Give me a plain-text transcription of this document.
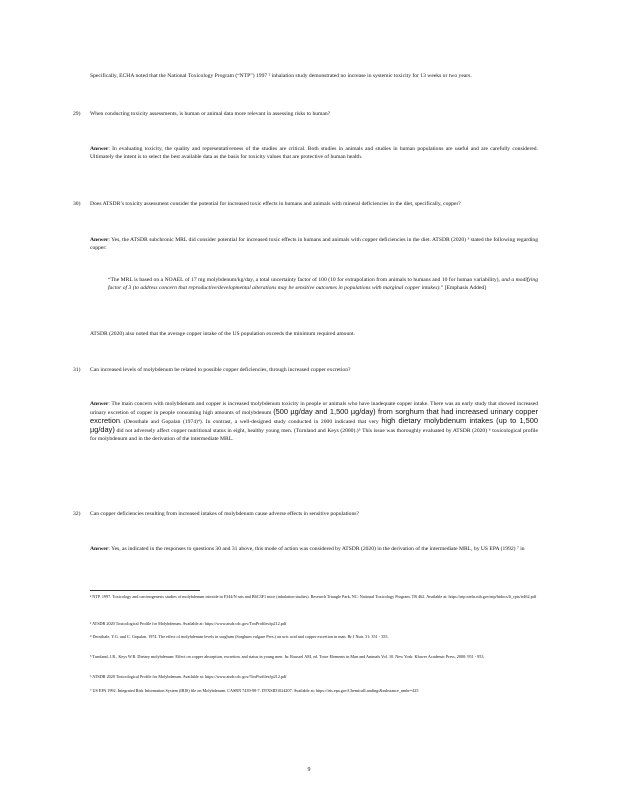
Specifically, ECHA noted that the National Toxicology Program (“NTP”) 1997 ² inhalation study demonstrated no increase in systemic toxicity for 13 weeks or two years.
29) When conducting toxicity assessments, is human or animal data more relevant in assessing risks to human?
Answer: In evaluating toxicity, the quality and representativeness of the studies are critical. Both studies in animals and studies in human populations are useful and are carefully considered. Ultimately the intent is to select the best available data as the basis for toxicity values that are protective of human health.
30) Does ATSDR’s toxicity assessment consider the potential for increased toxic effects in humans and animals with mineral deficiencies in the diet, specifically, copper?
Answer: Yes, the ATSDR subchronic MRL did consider potential for increased toxic effects in humans and animals with copper deficiencies in the diet. ATSDR (2020) ³ stated the following regarding copper:
“The MRL is based on a NOAEL of 17 mg molybdenum/kg/day, a total uncertainty factor of 100 (10 for extrapolation from animals to humans and 10 for human variability), and a modifying factor of 3 (to address concern that reproductive/developmental alterations may be sensitive outcomes in populations with marginal copper intakes).” [Emphasis Added]
ATSDR (2020) also noted that the average copper intake of the US population exceeds the minimum required amount.
31) Can increased levels of molybdenum be related to possible copper deficiencies, through increased copper excretion?
Answer: The main concern with molybdenum and copper is increased molybdenum toxicity in people or animals who have inadequate copper intake. There was an early study that showed increased urinary excretion of copper in people consuming high amounts of molybdenum (500 µg/day and 1,500 µg/day) from sorghum that had increased urinary copper excretion. (Deosthale and Gopalan (1974)⁴). In contrast, a well-designed study conducted in 2000 indicated that very high dietary molybdenum intakes (up to 1,500 µg/day) did not adversely affect copper nutritional status in eight, healthy young men. (Turnland and Keys (2000).)⁵ This issue was thoroughly evaluated by ATSDR (2020) ⁶ toxicological profile for molybdenum and in the derivation of the intermediate MRL.
32) Can copper deficiencies resulting from increased intakes of molybdenum cause adverse effects in sensitive populations?
Answer: Yes, as indicated in the responses to questions 30 and 31 above, this mode of action was considered by ATSDR (2020) in the derivation of the intermediate MRL, by US EPA (1992) ⁷ in
² NTP. 1997. Toxicology and carcinogenesis studies of molybdenum trioxide in F344/N rats and B6C3F1 mice (inhalation studies). Research Triangle Park, NC: National Toxicology Program. TR 462. Available at: https://ntp.niehs.nih.gov/ntp/htdocs/lt_rpts/tr462.pdf
³ ATSDR 2020 Toxicological Profile for Molybdenum. Available at: https://www.atsdr.cdc.gov/ToxProfiles/tp212.pdf
⁴ Deosthale, Y.G. and C. Gopalan. 1974. The effect of molybdenum levels in sorghum (Sorghum vulgare Pers.) on uric acid and copper excretion in man. Br J Nutr. 31: 351 - 355.
⁵ Turnland, J.R., Keys W.R. Dietary molybdenum: Effect on copper absorption, excretion, and status in young men. In: Roussel AM, ed. Trace Elements in Man and Animals Vol. 10. New York: Kluwer Academic Press, 2000: 951 - 953.
⁶ ATSDR 2020 Toxicological Profile for Molybdenum. Available at: https://www.atsdr.cdc.gov/ToxProfiles/tp212.pdf
⁷ US EPA 1992. Integrated Risk Information System (IRIS) file on Molybdenum. CASRN 7439-98-7. DTXSID1024207. Available at: https://iris.epa.gov/ChemicalLanding/&substance_nmbr=425
9
